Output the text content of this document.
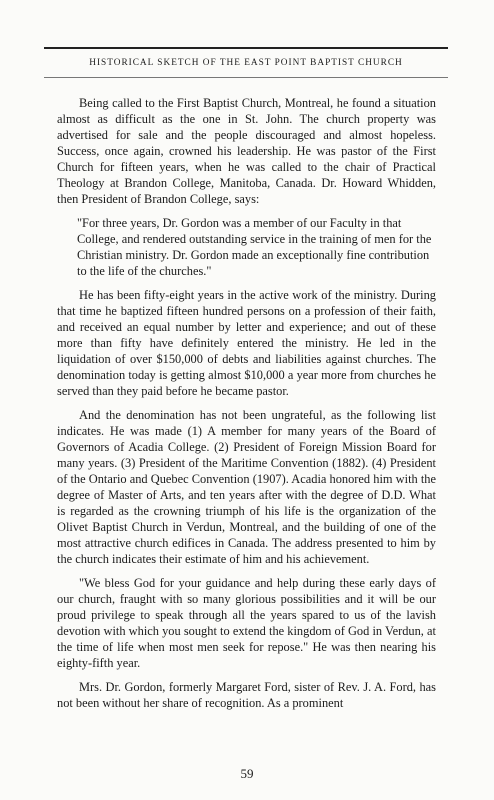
HISTORICAL SKETCH OF THE EAST POINT BAPTIST CHURCH

Being called to the First Baptist Church, Montreal, he found a situation almost as difficult as the one in St. John. The church property was advertised for sale and the people discouraged and almost hopeless. Success, once again, crowned his leadership. He was pastor of the First Church for fifteen years, when he was called to the chair of Practical Theology at Brandon College, Manitoba, Canada. Dr. Howard Whidden, then President of Brandon College, says:

"For three years, Dr. Gordon was a member of our Faculty in that College, and rendered outstanding service in the training of men for the Christian ministry. Dr. Gordon made an exceptionally fine contribution to the life of the churches."

He has been fifty-eight years in the active work of the ministry. During that time he baptized fifteen hundred persons on a profession of their faith, and received an equal number by letter and experience; and out of these more than fifty have definitely entered the ministry. He led in the liquidation of over $150,000 of debts and liabilities against churches. The denomination today is getting almost $10,000 a year more from churches he served than they paid before he became pastor.

And the denomination has not been ungrateful, as the following list indicates. He was made (1) A member for many years of the Board of Governors of Acadia College. (2) President of Foreign Mission Board for many years. (3) President of the Maritime Convention (1882). (4) President of the Ontario and Quebec Convention (1907). Acadia honored him with the degree of Master of Arts, and ten years after with the degree of D.D. What is regarded as the crowning triumph of his life is the organization of the Olivet Baptist Church in Verdun, Montreal, and the building of one of the most attractive church edifices in Canada. The address presented to him by the church indicates their estimate of him and his achievement.

"We bless God for your guidance and help during these early days of our church, fraught with so many glorious possibilities and it will be our proud privilege to speak through all the years spared to us of the lavish devotion with which you sought to extend the kingdom of God in Verdun, at the time of life when most men seek for repose." He was then nearing his eighty-fifth year.

Mrs. Dr. Gordon, formerly Margaret Ford, sister of Rev. J. A. Ford, has not been without her share of recognition. As a prominent

59
